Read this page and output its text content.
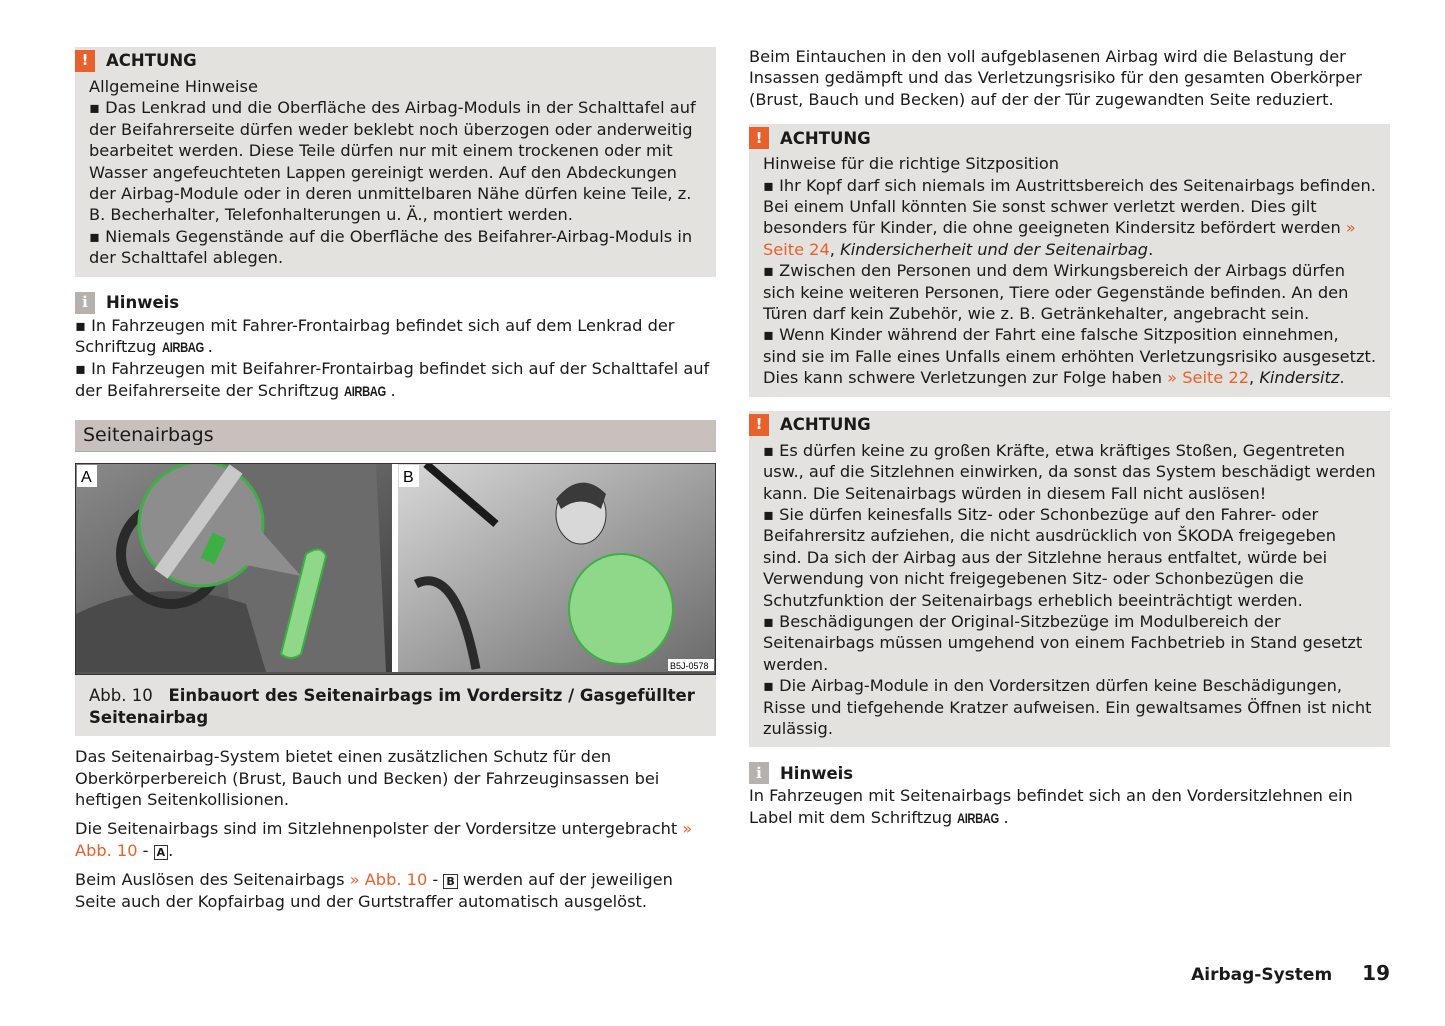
!	ACHTUNG

Allgemeine Hinweise

▪ Das Lenkrad und die Oberfläche des Airbag-Moduls in der Schalttafel auf der Beifahrerseite dürfen weder beklebt noch überzogen oder anderweitig bearbeitet werden. Diese Teile dürfen nur mit einem trockenen oder mit Wasser angefeuchteten Lappen gereinigt werden. Auf den Abdeckungen der Airbag-Module oder in deren unmittelbaren Nähe dürfen keine Teile, z. B. Becherhalter, Telefonhalterungen u. Ä., montiert werden.

▪ Niemals Gegenstände auf die Oberfläche des Beifahrer-Airbag-Moduls in der Schalttafel ablegen.

i	Hinweis

▪ In Fahrzeugen mit Fahrer-Frontairbag befindet sich auf dem Lenkrad der Schriftzug AIRBAG .

▪ In Fahrzeugen mit Beifahrer-Frontairbag befindet sich auf der Schalttafel auf der Beifahrerseite der Schriftzug AIRBAG .

Seitenairbags
A	B
B5J-0578
Abb. 10 Einbauort des Seitenairbags im Vordersitz / Gasgefüllter Seitenairbag

Das Seitenairbag-System bietet einen zusätzlichen Schutz für den Oberkörperbereich (Brust, Bauch und Becken) der Fahrzeuginsassen bei heftigen Seitenkollisionen.

Die Seitenairbags sind im Sitzlehnenpolster der Vordersitze untergebracht » Abb. 10 - A .

Beim Auslösen des Seitenairbags » Abb. 10 - B werden auf der jeweiligen Seite auch der Kopfairbag und der Gurtstraffer automatisch ausgelöst.

Beim Eintauchen in den voll aufgeblasenen Airbag wird die Belastung der Insassen gedämpft und das Verletzungsrisiko für den gesamten Oberkörper (Brust, Bauch und Becken) auf der der Tür zugewandten Seite reduziert.

!	ACHTUNG

Hinweise für die richtige Sitzposition

▪ Ihr Kopf darf sich niemals im Austrittsbereich des Seitenairbags befinden. Bei einem Unfall könnten Sie sonst schwer verletzt werden. Dies gilt besonders für Kinder, die ohne geeigneten Kindersitz befördert werden » Seite 24, Kindersicherheit und der Seitenairbag.

▪ Zwischen den Personen und dem Wirkungsbereich der Airbags dürfen sich keine weiteren Personen, Tiere oder Gegenstände befinden. An den Türen darf kein Zubehör, wie z. B. Getränkehalter, angebracht sein.

▪ Wenn Kinder während der Fahrt eine falsche Sitzposition einnehmen, sind sie im Falle eines Unfalls einem erhöhten Verletzungsrisiko ausgesetzt. Dies kann schwere Verletzungen zur Folge haben » Seite 22, Kindersitz.

!	ACHTUNG

▪ Es dürfen keine zu großen Kräfte, etwa kräftiges Stoßen, Gegentreten usw., auf die Sitzlehnen einwirken, da sonst das System beschädigt werden kann. Die Seitenairbags würden in diesem Fall nicht auslösen!

▪ Sie dürfen keinesfalls Sitz- oder Schonbezüge auf den Fahrer- oder Beifahrersitz aufziehen, die nicht ausdrücklich von ŠKODA freigegeben sind. Da sich der Airbag aus der Sitzlehne heraus entfaltet, würde bei Verwendung von nicht freigegebenen Sitz- oder Schonbezügen die Schutzfunktion der Seitenairbags erheblich beeinträchtigt werden.

▪ Beschädigungen der Original-Sitzbezüge im Modulbereich der Seitenairbags müssen umgehend von einem Fachbetrieb in Stand gesetzt werden.

▪ Die Airbag-Module in den Vordersitzen dürfen keine Beschädigungen, Risse und tiefgehende Kratzer aufweisen. Ein gewaltsames Öffnen ist nicht zulässig.

i	Hinweis

In Fahrzeugen mit Seitenairbags befindet sich an den Vordersitzlehnen ein Label mit dem Schriftzug AIRBAG .

Airbag-System 19
